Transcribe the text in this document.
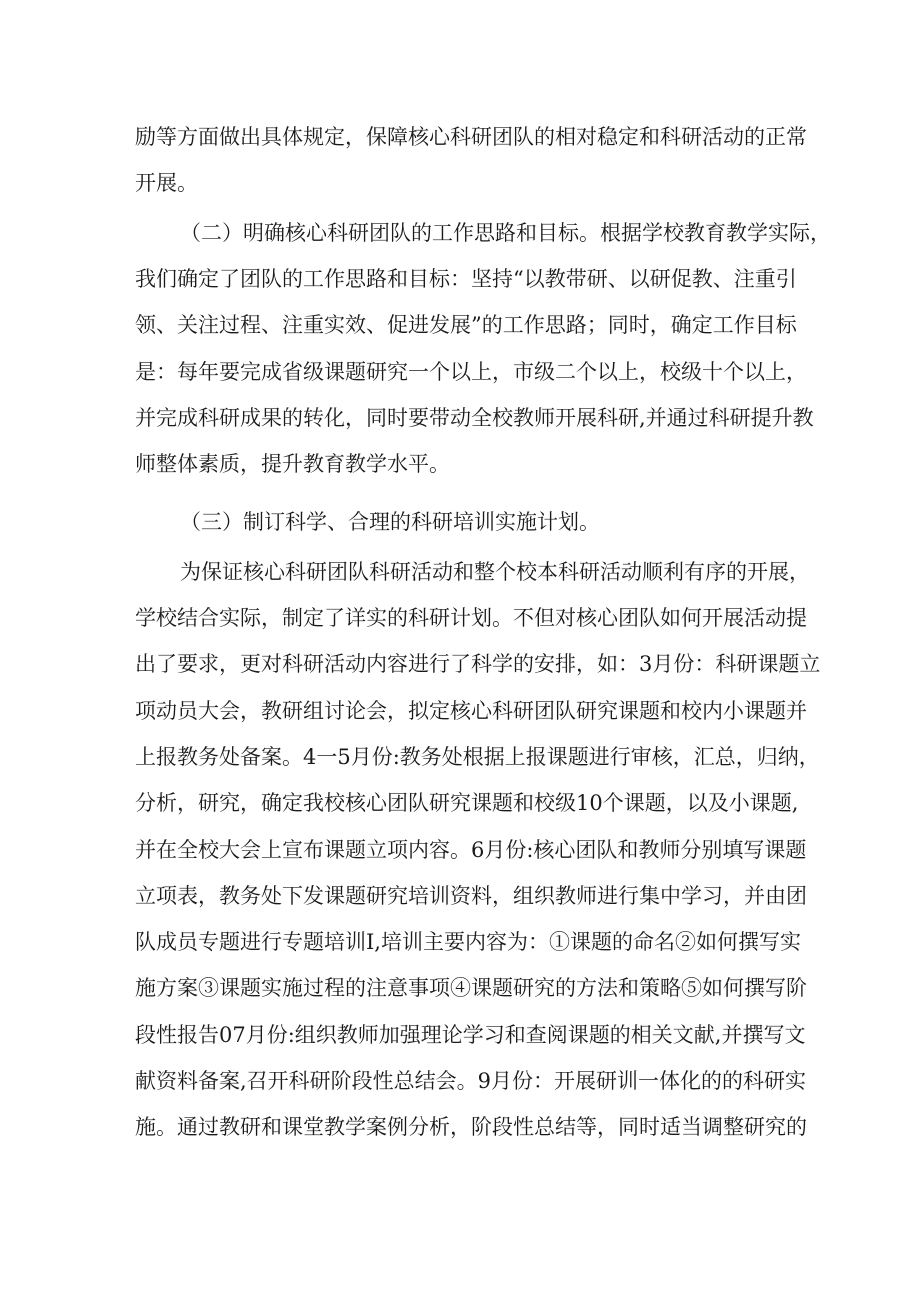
励等方面做出具体规定，保障核心科研团队的相对稳定和科研活动的正常
开展。
（二）明确核心科研团队的工作思路和目标。根据学校教育教学实际，
我们确定了团队的工作思路和目标：坚持“以教带研、以研促教、注重引
领、关注过程、注重实效、促进发展”的工作思路；同时，确定工作目标
是：每年要完成省级课题研究一个以上，市级二个以上，校级十个以上，
并完成科研成果的转化，同时要带动全校教师开展科研,并通过科研提升教
师整体素质，提升教育教学水平。
（三）制订科学、合理的科研培训实施计划。
为保证核心科研团队科研活动和整个校本科研活动顺利有序的开展，
学校结合实际，制定了详实的科研计划。不但对核心团队如何开展活动提
出了要求，更对科研活动内容进行了科学的安排，如：3月份：科研课题立
项动员大会，教研组讨论会，拟定核心科研团队研究课题和校内小课题并
上报教务处备案。4一5月份:教务处根据上报课题进行审核，汇总，归纳，
分析，研究，确定我校核心团队研究课题和校级10个课题，以及小课题,
并在全校大会上宣布课题立项内容。6月份:核心团队和教师分别填写课题
立项表，教务处下发课题研究培训资料，组织教师进行集中学习，并由团
队成员专题进行专题培训I,培训主要内容为：①课题的命名②如何撰写实
施方案③课题实施过程的注意事项④课题研究的方法和策略⑤如何撰写阶
段性报告07月份:组织教师加强理论学习和查阅课题的相关文献,并撰写文
献资料备案,召开科研阶段性总结会。9月份：开展研训一体化的的科研实
施。通过教研和课堂教学案例分析，阶段性总结等，同时适当调整研究的
